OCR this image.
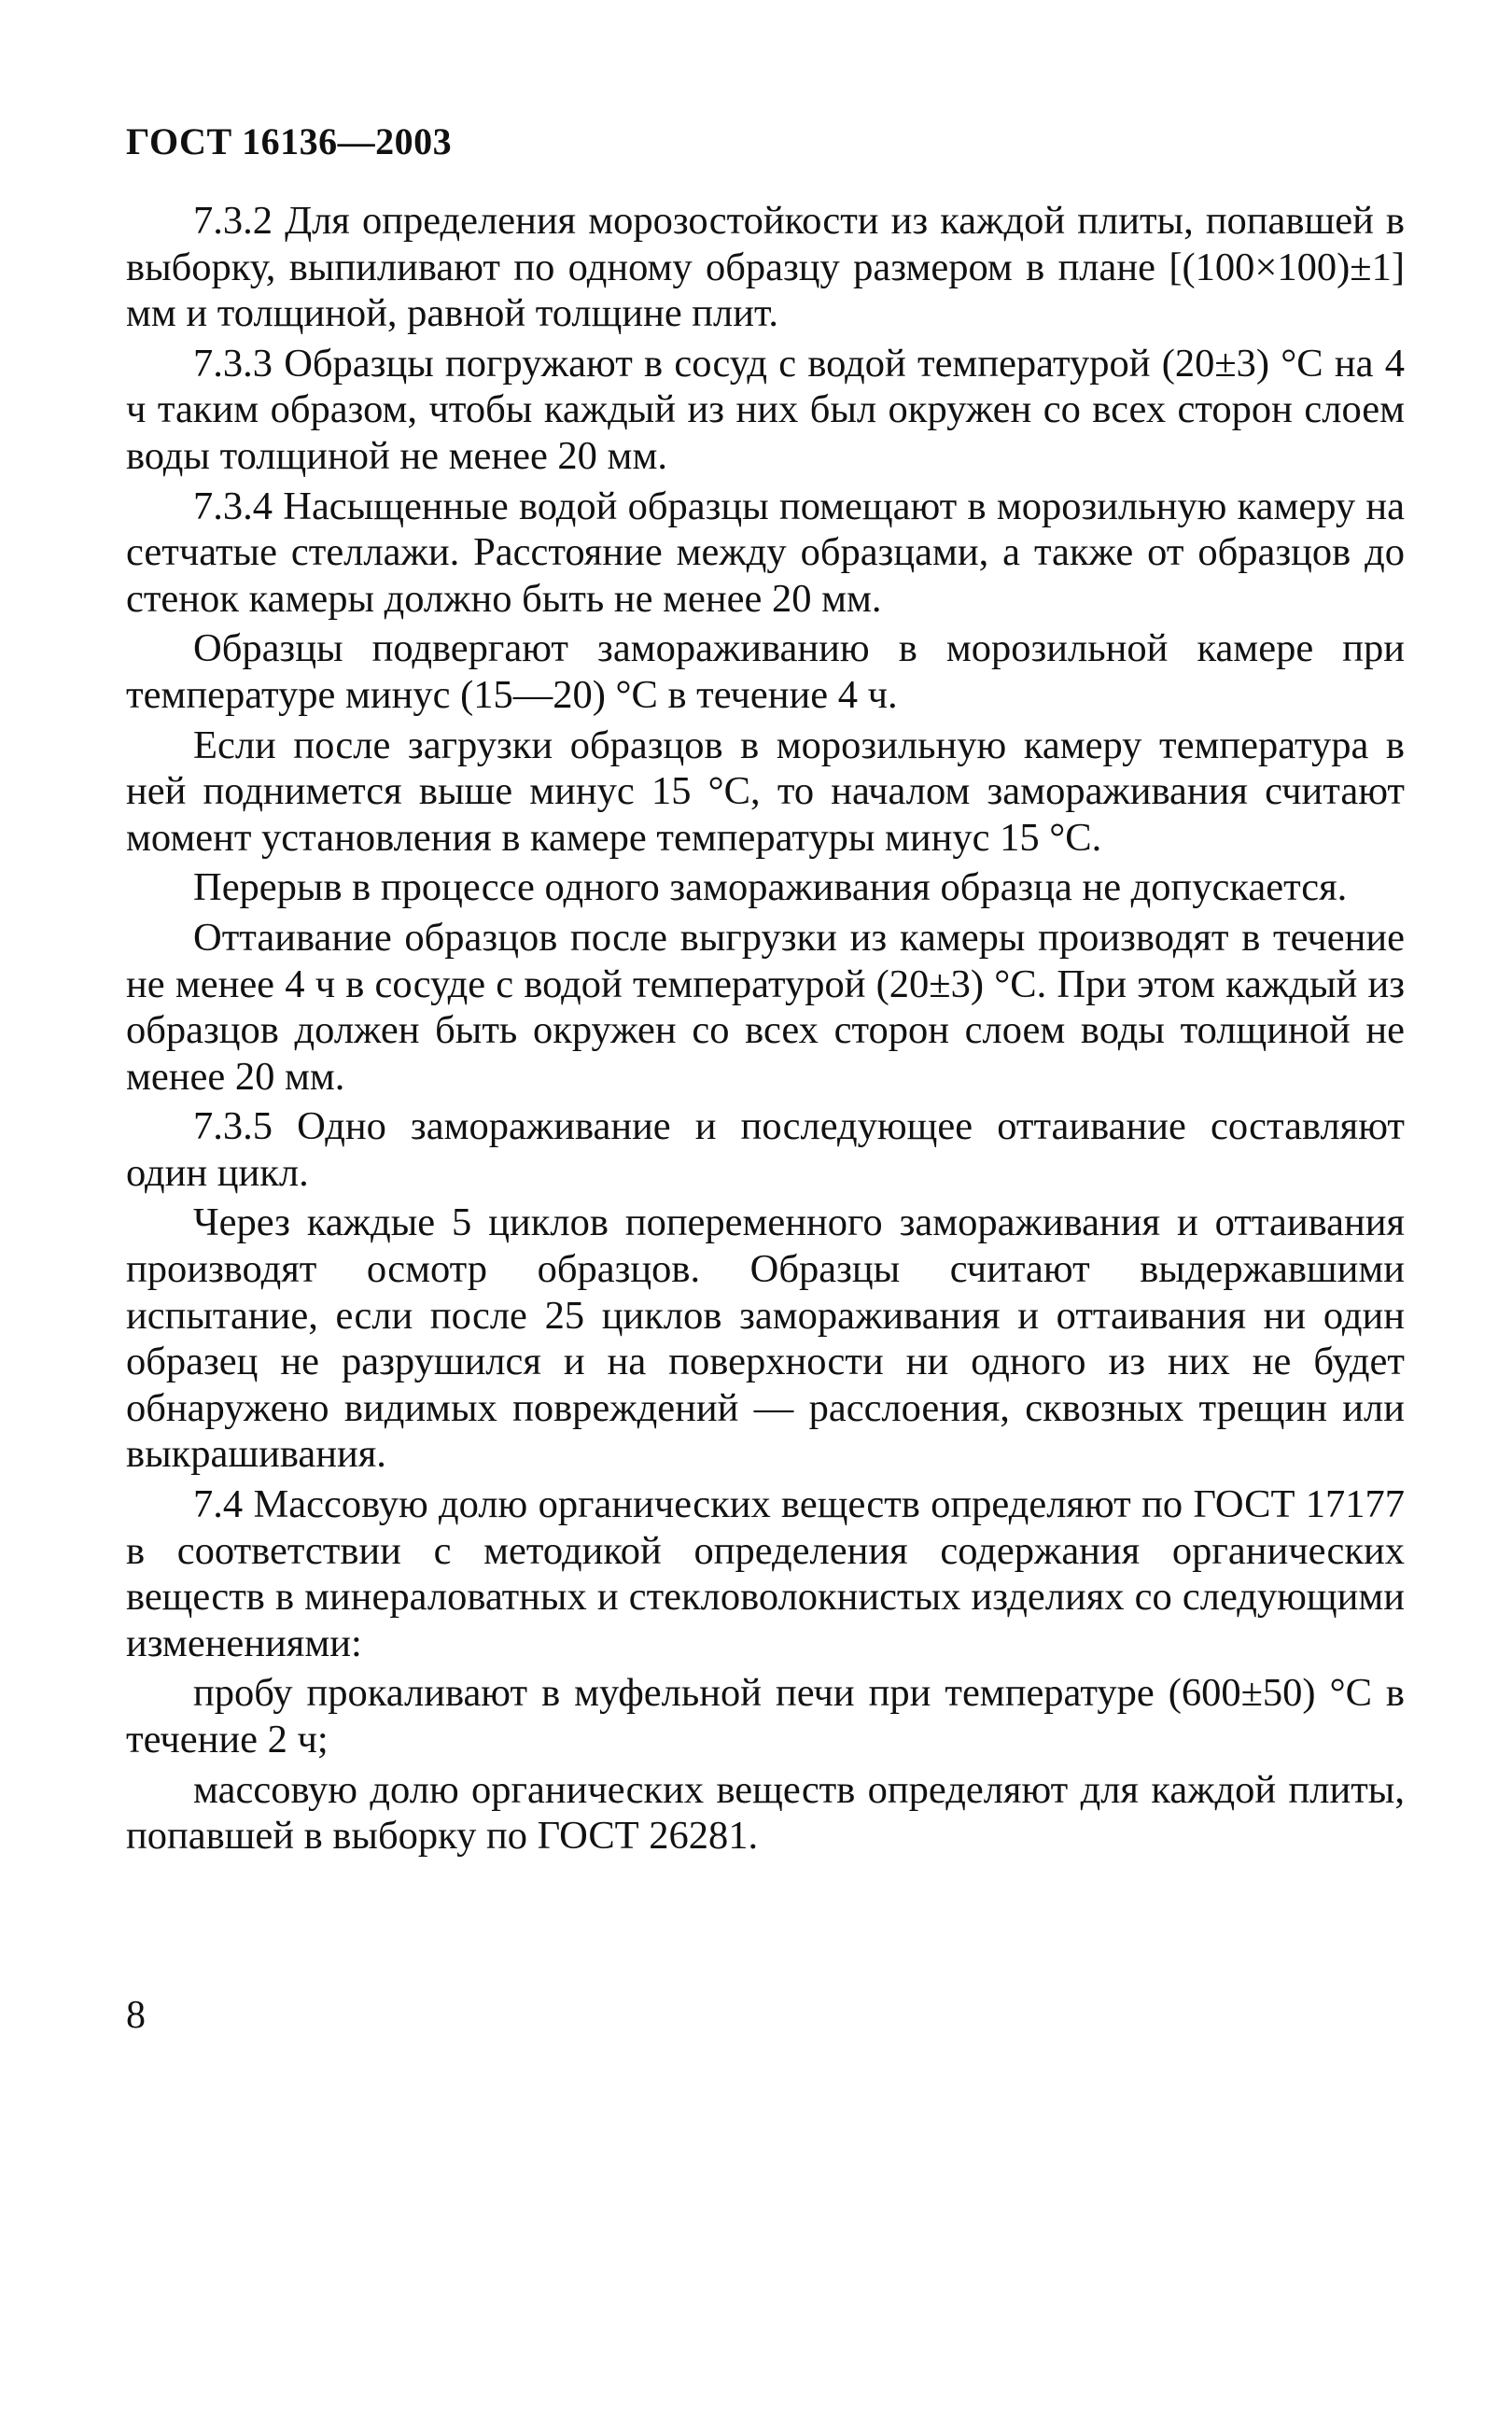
ГОСТ 16136—2003

7.3.2 Для определения морозостойкости из каждой плиты, попавшей в выборку, выпиливают по одному образцу размером в плане [(100×100)±1] мм и толщиной, равной толщине плит.

7.3.3 Образцы погружают в сосуд с водой температурой (20±3) °С на 4 ч таким образом, чтобы каждый из них был окружен со всех сторон слоем воды толщиной не менее 20 мм.

7.3.4 Насыщенные водой образцы помещают в морозильную камеру на сетчатые стеллажи. Расстояние между образцами, а также от образцов до стенок камеры должно быть не менее 20 мм.

Образцы подвергают замораживанию в морозильной камере при температуре минус (15—20) °С в течение 4 ч.

Если после загрузки образцов в морозильную камеру температура в ней поднимется выше минус 15 °С, то началом замораживания считают момент установления в камере температуры минус 15 °С.

Перерыв в процессе одного замораживания образца не допускается.

Оттаивание образцов после выгрузки из камеры производят в течение не менее 4 ч в сосуде с водой температурой (20±3) °С. При этом каждый из образцов должен быть окружен со всех сторон слоем воды толщиной не менее 20 мм.

7.3.5 Одно замораживание и последующее оттаивание составляют один цикл.

Через каждые 5 циклов попеременного замораживания и оттаивания производят осмотр образцов. Образцы считают выдержавшими испытание, если после 25 циклов замораживания и оттаивания ни один образец не разрушился и на поверхности ни одного из них не будет обнаружено видимых повреждений — расслоения, сквозных трещин или выкрашивания.

7.4 Массовую долю органических веществ определяют по ГОСТ 17177 в соответствии с методикой определения содержания органических веществ в минераловатных и стекловолокнистых изделиях со следующими изменениями:

пробу прокаливают в муфельной печи при температуре (600±50) °С в течение 2 ч;

массовую долю органических веществ определяют для каждой плиты, попавшей в выборку по ГОСТ 26281.

8
